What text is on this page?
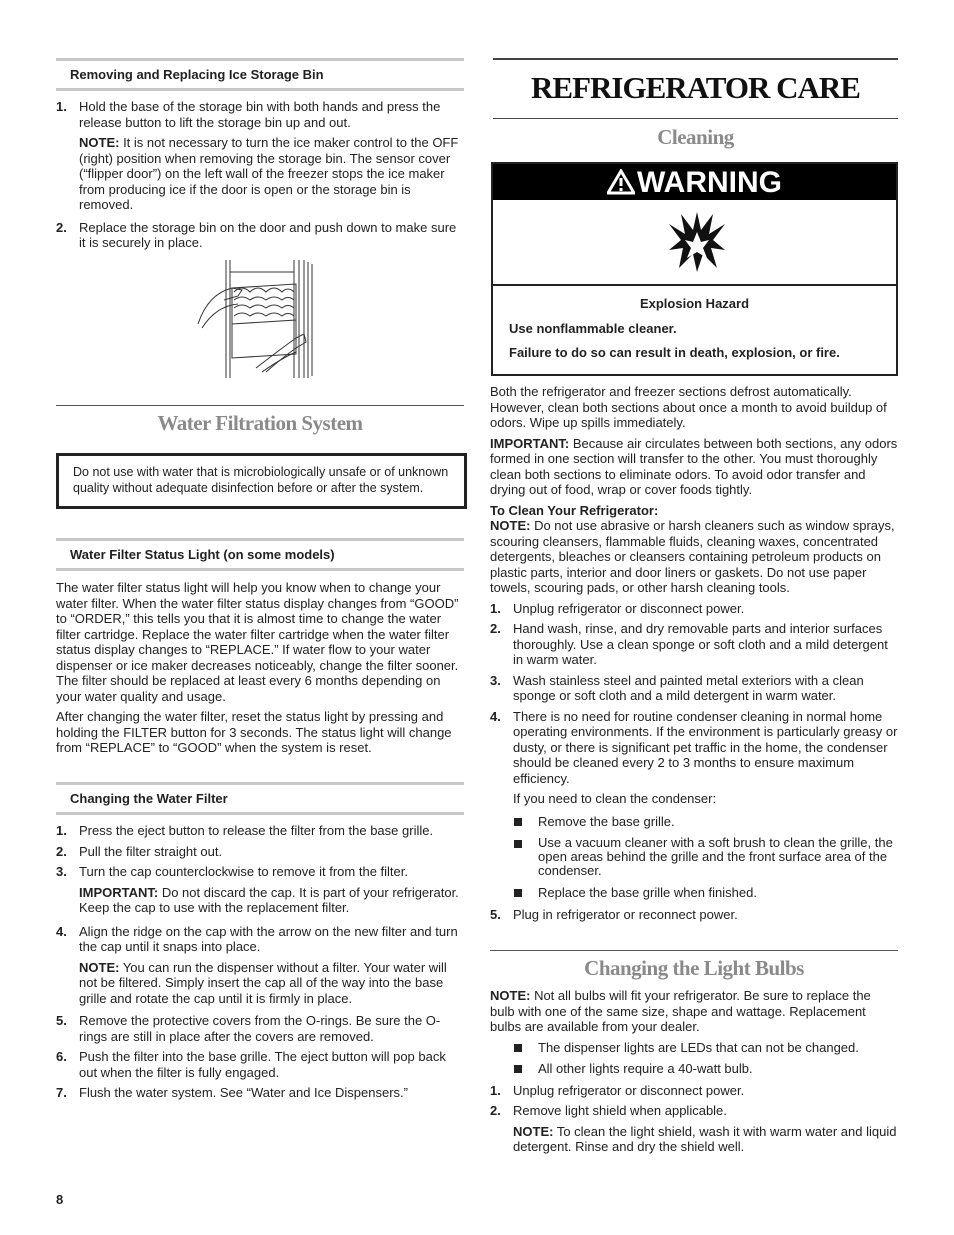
Removing and Replacing Ice Storage Bin
1. Hold the base of the storage bin with both hands and press the release button to lift the storage bin up and out.
NOTE: It is not necessary to turn the ice maker control to the OFF (right) position when removing the storage bin. The sensor cover (“flipper door”) on the left wall of the freezer stops the ice maker from producing ice if the door is open or the storage bin is removed.
2. Replace the storage bin on the door and push down to make sure it is securely in place.
Water Filtration System
Do not use with water that is microbiologically unsafe or of unknown quality without adequate disinfection before or after the system.
Water Filter Status Light (on some models)

The water filter status light will help you know when to change your water filter. When the water filter status display changes from “GOOD” to “ORDER,” this tells you that it is almost time to change the water filter cartridge. Replace the water filter cartridge when the water filter status display changes to “REPLACE.” If water flow to your water dispenser or ice maker decreases noticeably, change the filter sooner. The filter should be replaced at least every 6 months depending on your water quality and usage.

After changing the water filter, reset the status light by pressing and holding the FILTER button for 3 seconds. The status light will change from “REPLACE” to “GOOD” when the system is reset.

Changing the Water Filter
1. Press the eject button to release the filter from the base grille.
2. Pull the filter straight out.
3. Turn the cap counterclockwise to remove it from the filter.
IMPORTANT: Do not discard the cap. It is part of your refrigerator. Keep the cap to use with the replacement filter.
4. Align the ridge on the cap with the arrow on the new filter and turn the cap until it snaps into place.
NOTE: You can run the dispenser without a filter. Your water will not be filtered. Simply insert the cap all of the way into the base grille and rotate the cap until it is firmly in place.
5. Remove the protective covers from the O-rings. Be sure the O-rings are still in place after the covers are removed.
6. Push the filter into the base grille. The eject button will pop back out when the filter is fully engaged.
7. Flush the water system. See “Water and Ice Dispensers.”
REFRIGERATOR CARE
Cleaning
WARNING
Explosion Hazard
Use nonflammable cleaner.
Failure to do so can result in death, explosion, or fire.

Both the refrigerator and freezer sections defrost automatically. However, clean both sections about once a month to avoid buildup of odors. Wipe up spills immediately.

IMPORTANT: Because air circulates between both sections, any odors formed in one section will transfer to the other. You must thoroughly clean both sections to eliminate odors. To avoid odor transfer and drying out of food, wrap or cover foods tightly.

To Clean Your Refrigerator:

NOTE: Do not use abrasive or harsh cleaners such as window sprays, scouring cleansers, flammable fluids, cleaning waxes, concentrated detergents, bleaches or cleansers containing petroleum products on plastic parts, interior and door liners or gaskets. Do not use paper towels, scouring pads, or other harsh cleaning tools.

1. Unplug refrigerator or disconnect power.
2. Hand wash, rinse, and dry removable parts and interior surfaces thoroughly. Use a clean sponge or soft cloth and a mild detergent in warm water.
3. Wash stainless steel and painted metal exteriors with a clean sponge or soft cloth and a mild detergent in warm water.
4. There is no need for routine condenser cleaning in normal home operating environments. If the environment is particularly greasy or dusty, or there is significant pet traffic in the home, the condenser should be cleaned every 2 to 3 months to ensure maximum efficiency.
If you need to clean the condenser:
Remove the base grille.
Use a vacuum cleaner with a soft brush to clean the grille, the open areas behind the grille and the front surface area of the condenser.
Replace the base grille when finished.
5. Plug in refrigerator or reconnect power.
Changing the Light Bulbs

NOTE: Not all bulbs will fit your refrigerator. Be sure to replace the bulb with one of the same size, shape and wattage. Replacement bulbs are available from your dealer.

The dispenser lights are LEDs that can not be changed.
All other lights require a 40-watt bulb.
1. Unplug refrigerator or disconnect power.
2. Remove light shield when applicable.
NOTE: To clean the light shield, wash it with warm water and liquid detergent. Rinse and dry the shield well.
8
